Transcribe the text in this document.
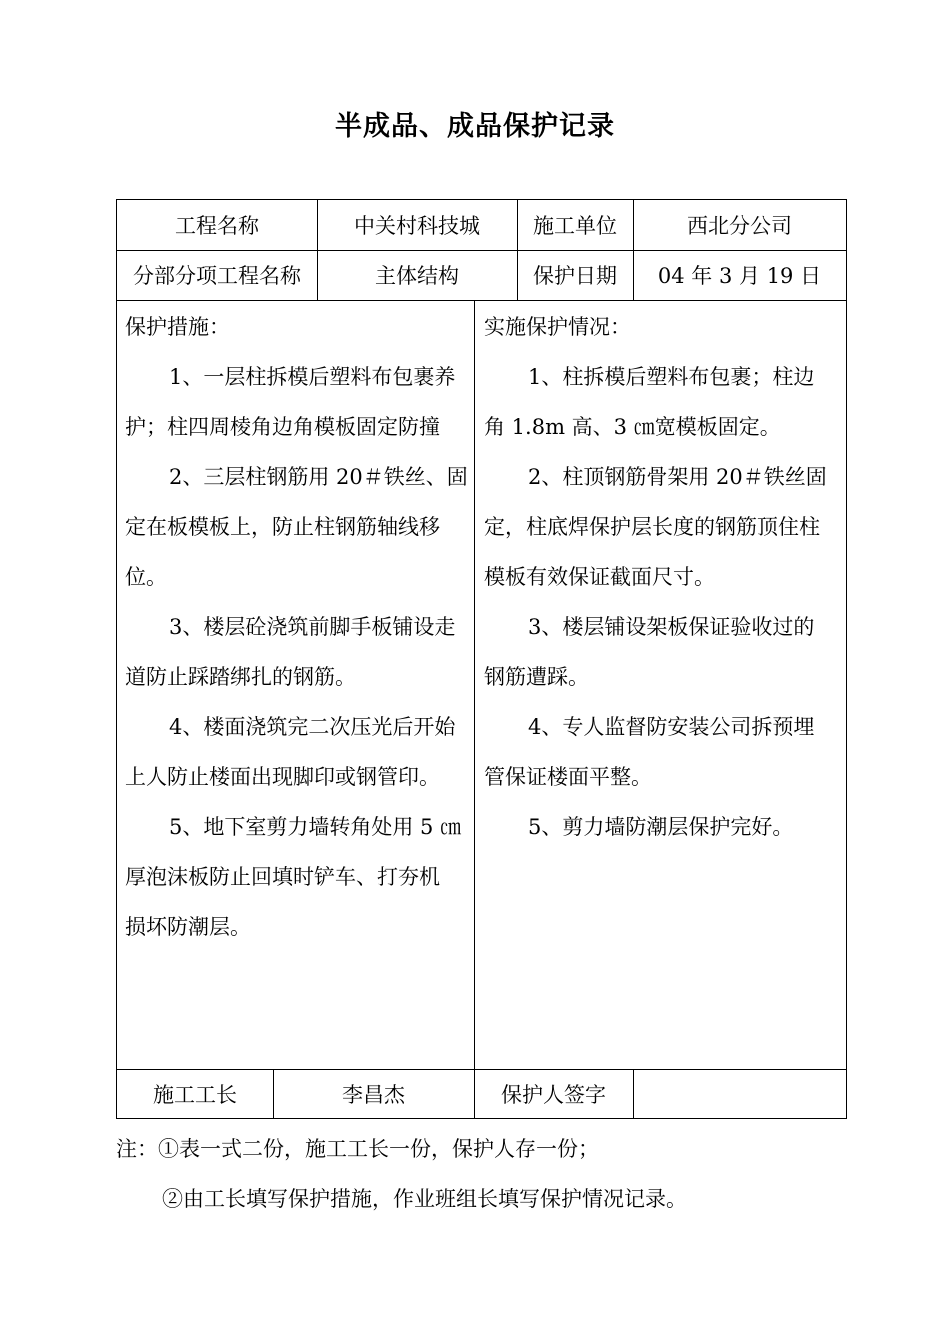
半成品、成品保护记录
工程名称	中关村科技城	施工单位	西北分公司
分部分项工程名称	主体结构	保护日期	04 年 3 月 19 日
保护措施：
1、一层柱拆模后塑料布包裹养
护；柱四周棱角边角模板固定防撞
2、三层柱钢筋用 20＃铁丝、固
定在板模板上，防止柱钢筋轴线移
位。
3、楼层砼浇筑前脚手板铺设走
道防止踩踏绑扎的钢筋。
4、楼面浇筑完二次压光后开始
上人防止楼面出现脚印或钢管印。
5、地下室剪力墙转角处用 5 ㎝
厚泡沫板防止回填时铲车、打夯机
损坏防潮层。
实施保护情况：
1、柱拆模后塑料布包裹；柱边
角 1.8m 高、3 ㎝宽模板固定。
2、柱顶钢筋骨架用 20＃铁丝固
定，柱底焊保护层长度的钢筋顶住柱
模板有效保证截面尺寸。
3、楼层铺设架板保证验收过的
钢筋遭踩。
4、专人监督防安装公司拆预埋
管保证楼面平整。
5、剪力墙防潮层保护完好。
施工工长	李昌杰	保护人签字
注：①表一式二份，施工工长一份，保护人存一份；
②由工长填写保护措施，作业班组长填写保护情况记录。
